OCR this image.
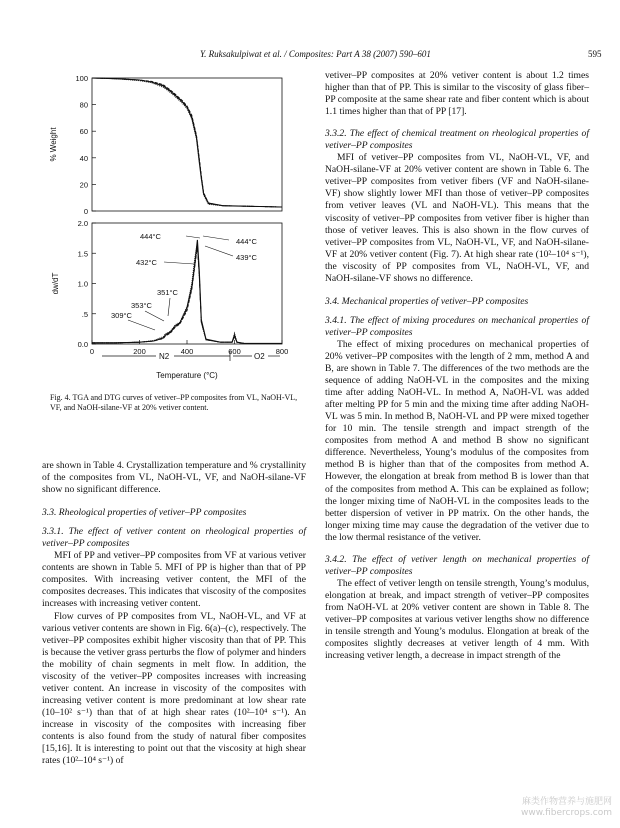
Y. Ruksakulpiwat et al. / Composites: Part A 38 (2007) 590–601	595
100
80
60
40
20
0
2.0
1.5
1.0
.5
0.0
0	200	400	600	800
% Weight
dw/dT
Temperature (°C)
N2	O2
444°C
444°C
432°C
439°C
351°C
353°C
309°C
Fig. 4. TGA and DTG curves of vetiver–PP composites from VL, NaOH-VL, VF, and NaOH-silane-VF at 20% vetiver content.

are shown in Table 4. Crystallization temperature and % crystallinity of the composites from VL, NaOH-VL, VF, and NaOH-silane-VF show no significant difference.

3.3. Rheological properties of vetiver–PP composites

3.3.1. The effect of vetiver content on rheological properties of vetiver–PP composites

MFI of PP and vetiver–PP composites from VF at various vetiver contents are shown in Table 5. MFI of PP is higher than that of PP composites. With increasing vetiver content, the MFI of the composites decreases. This indicates that viscosity of the composites increases with increasing vetiver content.

Flow curves of PP composites from VL, NaOH-VL, and VF at various vetiver contents are shown in Fig. 6(a)–(c), respectively. The vetiver–PP composites exhibit higher viscosity than that of PP. This is because the vetiver grass perturbs the flow of polymer and hinders the mobility of chain segments in melt flow. In addition, the viscosity of the vetiver–PP composites increases with increasing vetiver content. An increase in viscosity of the composites with increasing vetiver content is more predominant at low shear rate (10–10² s⁻¹) than that of at high shear rates (10²–10⁴ s⁻¹). An increase in viscosity of the composites with increasing fiber contents is also found from the study of natural fiber composites [15,16]. It is interesting to point out that the viscosity at high shear rates (10²–10⁴ s⁻¹) of

vetiver–PP composites at 20% vetiver content is about 1.2 times higher than that of PP. This is similar to the viscosity of glass fiber–PP composite at the same shear rate and fiber content which is about 1.1 times higher than that of PP [17].

3.3.2. The effect of chemical treatment on rheological properties of vetiver–PP composites

MFI of vetiver–PP composites from VL, NaOH-VL, VF, and NaOH-silane-VF at 20% vetiver content are shown in Table 6. The vetiver–PP composites from vetiver fibers (VF and NaOH-silane-VF) show slightly lower MFI than those of vetiver–PP composites from vetiver leaves (VL and NaOH-VL). This means that the viscosity of vetiver–PP composites from vetiver fiber is higher than those of vetiver leaves. This is also shown in the flow curves of vetiver–PP composites from VL, NaOH-VL, VF, and NaOH-silane-VF at 20% vetiver content (Fig. 7). At high shear rate (10²–10⁴ s⁻¹), the viscosity of PP composites from VL, NaOH-VL, VF, and NaOH-silane-VF shows no difference.

3.4. Mechanical properties of vetiver–PP composites

3.4.1. The effect of mixing procedures on mechanical properties of vetiver–PP composites

The effect of mixing procedures on mechanical properties of 20% vetiver–PP composites with the length of 2 mm, method A and B, are shown in Table 7. The differences of the two methods are the sequence of adding NaOH-VL in the composites and the mixing time after adding NaOH-VL. In method A, NaOH-VL was added after melting PP for 5 min and the mixing time after adding NaOH-VL was 5 min. In method B, NaOH-VL and PP were mixed together for 10 min. The tensile strength and impact strength of the composites from method A and method B show no significant difference. Nevertheless, Young’s modulus of the composites from method B is higher than that of the composites from method A. However, the elongation at break from method B is lower than that of the composites from method A. This can be explained as follow; the longer mixing time of NaOH-VL in the composites leads to the better dispersion of vetiver in PP matrix. On the other hands, the longer mixing time may cause the degradation of the vetiver due to the low thermal resistance of the vetiver.

3.4.2. The effect of vetiver length on mechanical properties of vetiver–PP composites

The effect of vetiver length on tensile strength, Young’s modulus, elongation at break, and impact strength of vetiver–PP composites from NaOH-VL at 20% vetiver content are shown in Table 8. The vetiver–PP composites at various vetiver lengths show no difference in tensile strength and Young’s modulus. Elongation at break of the composites slightly decreases at vetiver length of 4 mm. With increasing vetiver length, a decrease in impact strength of the

麻类作物营养与施肥网
www.fibercrops.com
